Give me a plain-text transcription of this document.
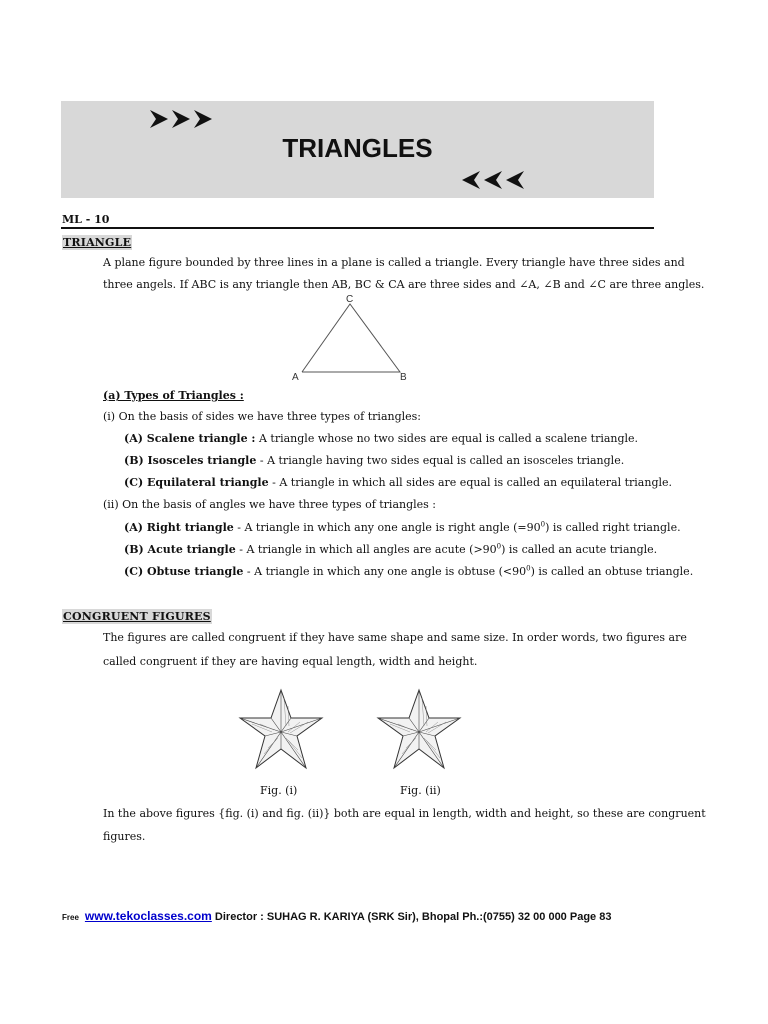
TRIANGLES
ML - 10
TRIANGLE
A plane figure bounded by three lines in a plane is called a triangle. Every triangle have three sides and
three angels. If ABC is any triangle then AB, BC & CA are three sides and ∠A, ∠B and ∠C are three angles.
A	B
C
(a) Types of Triangles :
(i) On the basis of sides we have three types of triangles:
(A) Scalene triangle : A triangle whose no two sides are equal is called a scalene triangle.
(B) Isosceles triangle - A triangle having two sides equal is called an isosceles triangle.
(C) Equilateral triangle - A triangle in which all sides are equal is called an equilateral triangle.
(ii) On the basis of angles we have three types of triangles :
(A) Right triangle - A triangle in which any one angle is right angle $(=90^0)$ is called right triangle.
(B) Acute triangle - A triangle in which all angles are acute $(>90^0)$ is called an acute triangle.
(C) Obtuse triangle - A triangle in which any one angle is obtuse $(<90^0)$ is called an obtuse triangle.
CONGRUENT FIGURES
The figures are called congruent if they have same shape and same size. In order words, two figures are
called congruent if they are having equal length, width and height.
Fig. (i)	Fig. (ii)
In the above figures {fig. (i) and fig. (ii)} both are equal in length, width and height, so these are congruent
figures.
Free www.tekoclasses.com Director : SUHAG R. KARIYA (SRK Sir), Bhopal Ph.:(0755) 32 00 000 Page 83
